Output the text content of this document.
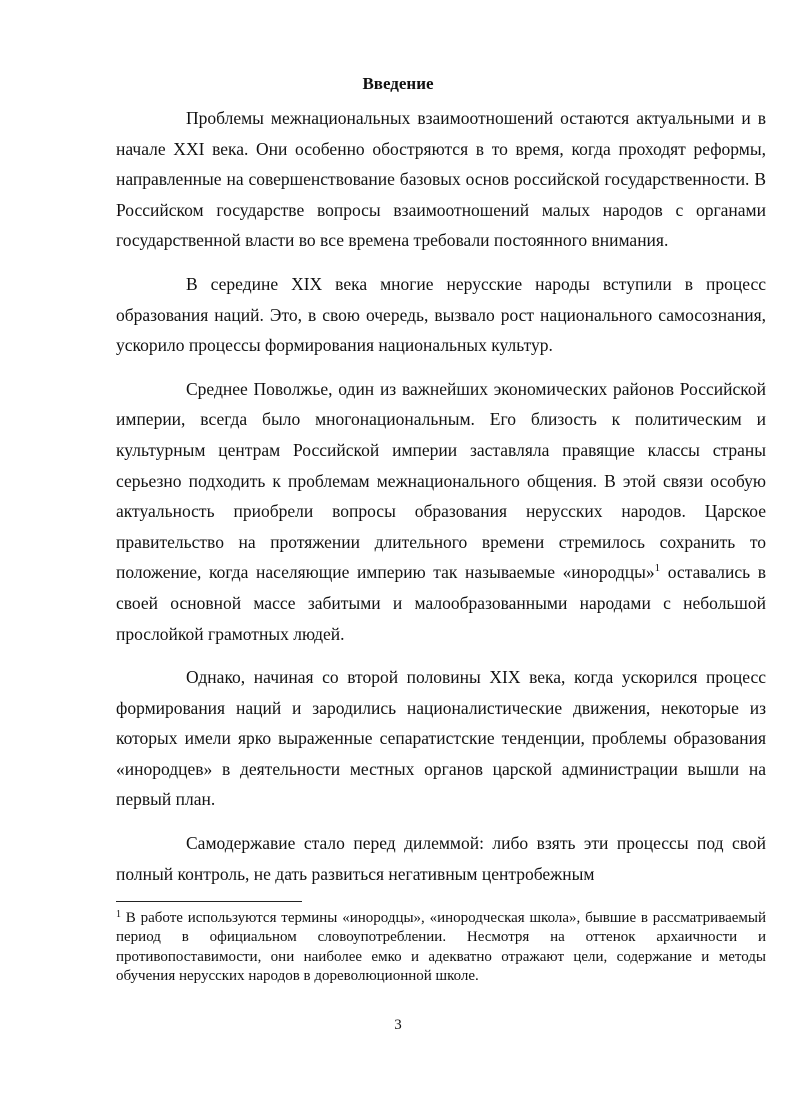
Введение

Проблемы межнациональных взаимоотношений остаются актуальными и в начале XXI века. Они особенно обостряются в то время, когда проходят реформы, направленные на совершенствование базовых основ российской государственности. В Российском государстве вопросы взаимоотношений малых народов с органами государственной власти во все времена требовали постоянного внимания.

В середине XIX века многие нерусские народы вступили в процесс образования наций. Это, в свою очередь, вызвало рост национального самосознания, ускорило процессы формирования национальных культур.

Среднее Поволжье, один из важнейших экономических районов Российской империи, всегда было многонациональным. Его близость к политическим и культурным центрам Российской империи заставляла правящие классы страны серьезно подходить к проблемам межнационального общения. В этой связи особую актуальность приобрели вопросы образования нерусских народов. Царское правительство на протяжении длительного времени стремилось сохранить то положение, когда населяющие империю так называемые «инородцы»$^1$ оставались в своей основной массе забитыми и малообразованными народами с небольшой прослойкой грамотных людей.

Однако, начиная со второй половины XIX века, когда ускорился процесс формирования наций и зародились националистические движения, некоторые из которых имели ярко выраженные сепаратистские тенденции, проблемы образования «инородцев» в деятельности местных органов царской администрации вышли на первый план.

Самодержавие стало перед дилеммой: либо взять эти процессы под свой полный контроль, не дать развиться негативным центробежным

$^1$ В работе используются термины «инородцы», «инородческая школа», бывшие в рассматриваемый период в официальном словоупотреблении. Несмотря на оттенок архаичности и противопоставимости, они наиболее емко и адекватно отражают цели, содержание и методы обучения нерусских народов в дореволюционной школе.
3
